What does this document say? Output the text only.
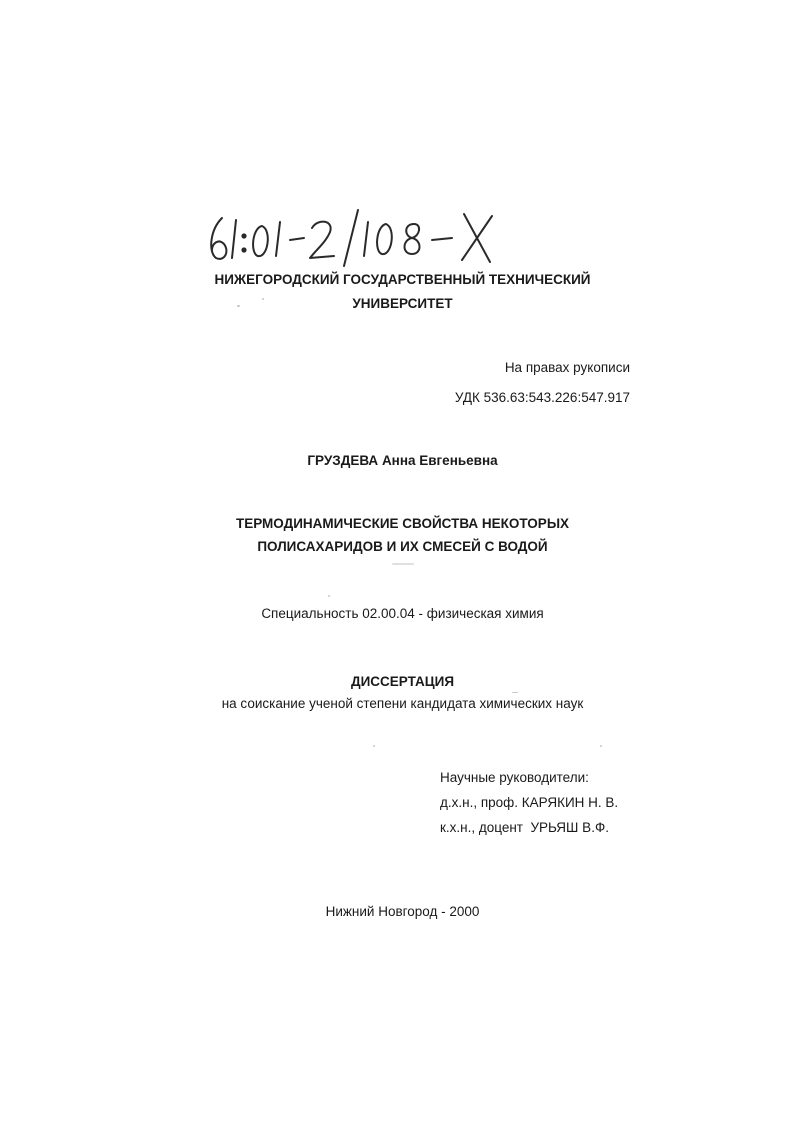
НИЖЕГОРОДСКИЙ ГОСУДАРСТВЕННЫЙ ТЕХНИЧЕСКИЙ
УНИВЕРСИТЕТ
На правах рукописи
УДК 536.63:543.226:547.917
ГРУЗДЕВА Анна Евгеньевна
ТЕРМОДИНАМИЧЕСКИЕ СВОЙСТВА НЕКОТОРЫХ
ПОЛИСАХАРИДОВ И ИХ СМЕСЕЙ С ВОДОЙ
Специальность 02.00.04 - физическая химия
ДИССЕРТАЦИЯ
на соискание ученой степени кандидата химических наук
Научные руководители:
д.х.н., проф. КАРЯКИН Н. В.
к.х.н., доцент  УРЬЯШ В.Ф.
Нижний Новгород - 2000
